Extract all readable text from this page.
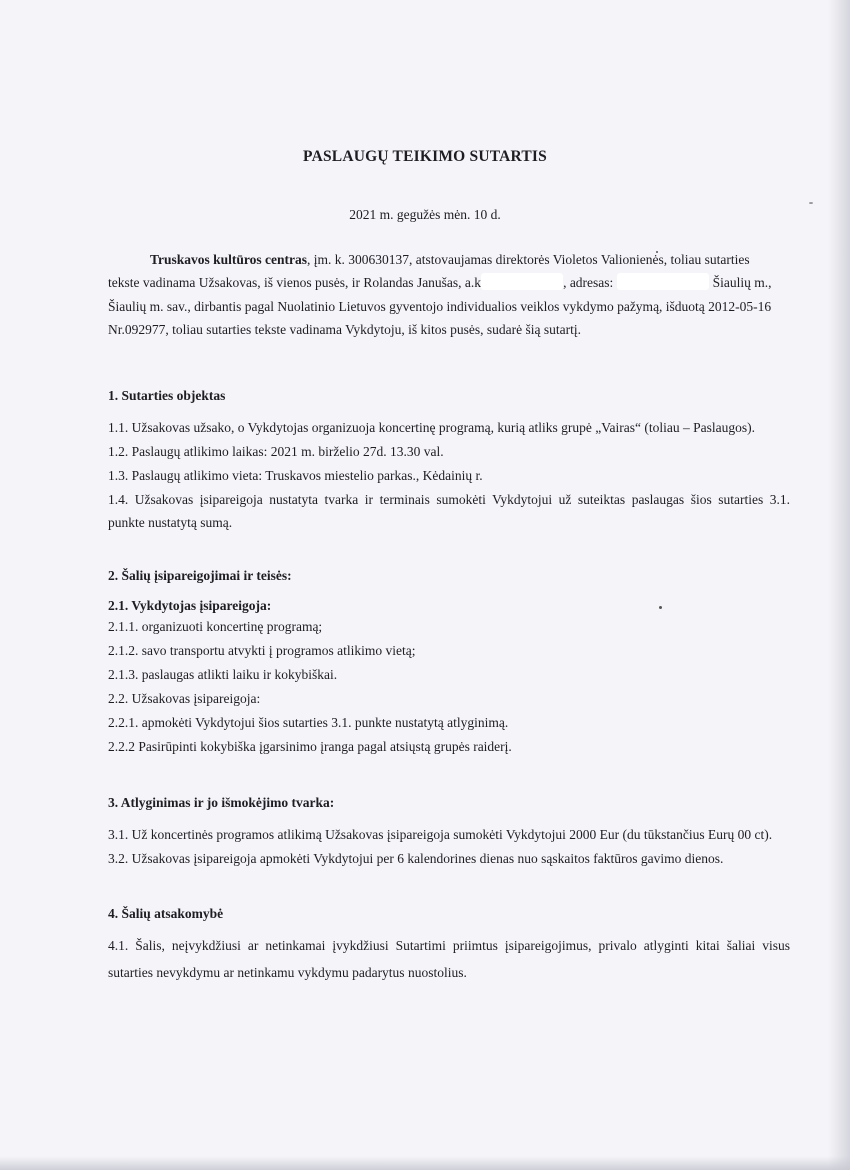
PASLAUGŲ TEIKIMO SUTARTIS
2021 m. gegužės mėn. 10 d.

Truskavos kultūros centras, įm. k. 300630137, atstovaujamas direktorės Violetos Valionienės, toliau sutarties

tekste vadinama Užsakovas, iš vienos pusės, ir Rolandas Janušas, a.k	, adresas:	Šiaulių m.,

Šiaulių m. sav., dirbantis pagal Nuolatinio Lietuvos gyventojo individualios veiklos vykdymo pažymą, išduotą 2012-05-16

Nr.092977, toliau sutarties tekste vadinama Vykdytoju, iš kitos pusės, sudarė šią sutartį.

1. Sutarties objektas
1.1. Užsakovas užsako, o Vykdytojas organizuoja koncertinę programą, kurią atliks grupė „Vairas“ (toliau – Paslaugos).
1.2. Paslaugų atlikimo laikas: 2021 m. birželio 27d. 13.30 val.
1.3. Paslaugų atlikimo vieta: Truskavos miestelio parkas., Kėdainių r.
1.4. Užsakovas įsipareigoja nustatyta tvarka ir terminais sumokėti Vykdytojui už suteiktas paslaugas šios sutarties 3.1.
punkte nustatytą sumą.
2. Šalių įsipareigojimai ir teisės:
2.1. Vykdytojas įsipareigoja:
2.1.1. organizuoti koncertinę programą;
2.1.2. savo transportu atvykti į programos atlikimo vietą;
2.1.3. paslaugas atlikti laiku ir kokybiškai.
2.2. Užsakovas įsipareigoja:
2.2.1. apmokėti Vykdytojui šios sutarties 3.1. punkte nustatytą atlyginimą.
2.2.2 Pasirūpinti kokybiška įgarsinimo įranga pagal atsiųstą grupės raiderį.
3. Atlyginimas ir jo išmokėjimo tvarka:
3.1. Už koncertinės programos atlikimą Užsakovas įsipareigoja sumokėti Vykdytojui 2000 Eur (du tūkstančius Eurų 00 ct).
3.2. Užsakovas įsipareigoja apmokėti Vykdytojui per 6 kalendorines dienas nuo sąskaitos faktūros gavimo dienos.
4. Šalių atsakomybė
4.1. Šalis, neįvykdžiusi ar netinkamai įvykdžiusi Sutartimi priimtus įsipareigojimus, privalo atlyginti kitai šaliai visus
sutarties nevykdymu ar netinkamu vykdymu padarytus nuostolius.
